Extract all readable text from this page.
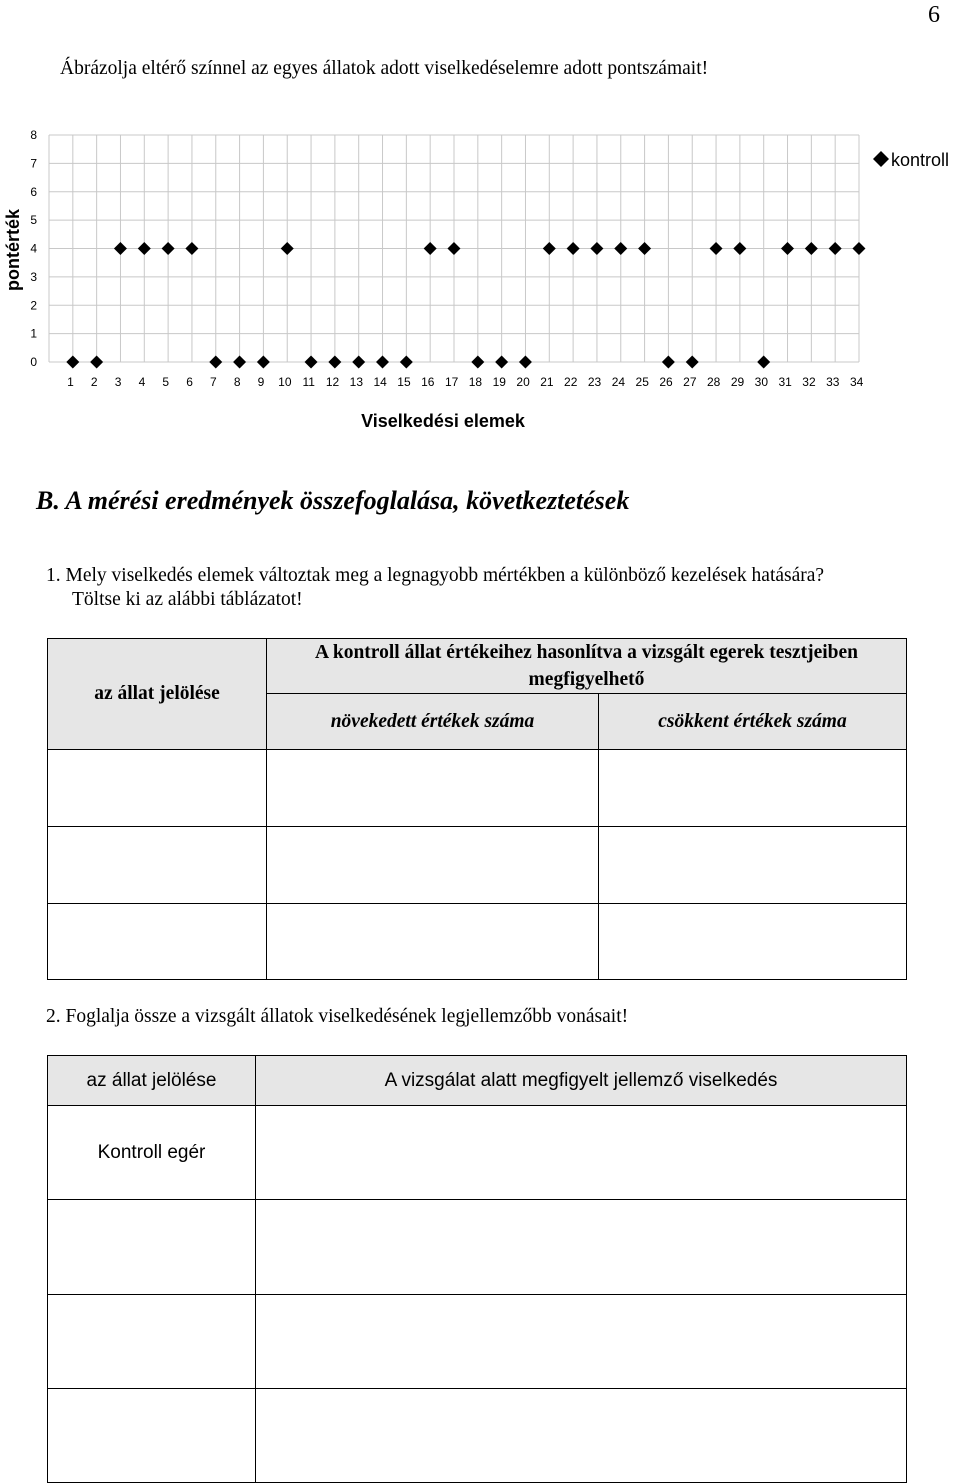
6
Ábrázolja eltérő színnel az egyes állatok adott viselkedéselemre adott pontszámait!
0
1
2
3
4
5
6
7
8
1 2 3 4 5 6 7 8 9 10 11 12 13 14 15 16 17 18 19 20 21 22 23 24 25 26 27 28 29 30 31 32 33 34
pontérték
Viselkedési elemek
kontroll
B. A mérési eredmények összefoglalása, következtetések
1. Mely viselkedés elemek változtak meg a legnagyobb mértékben a különböző kezelések hatására?
Töltse ki az alábbi táblázatot!
az állat jelölése	A kontroll állat értékeihez hasonlítva a vizsgált egerek tesztjeiben megfigyelhető	
	növekedett értékek száma	csökkent értékek száma

2. Foglalja össze a vizsgált állatok viselkedésének legjellemzőbb vonásait!
az állat jelölése	A vizsgálat alatt megfigyelt jellemző viselkedés
Kontroll egér	
